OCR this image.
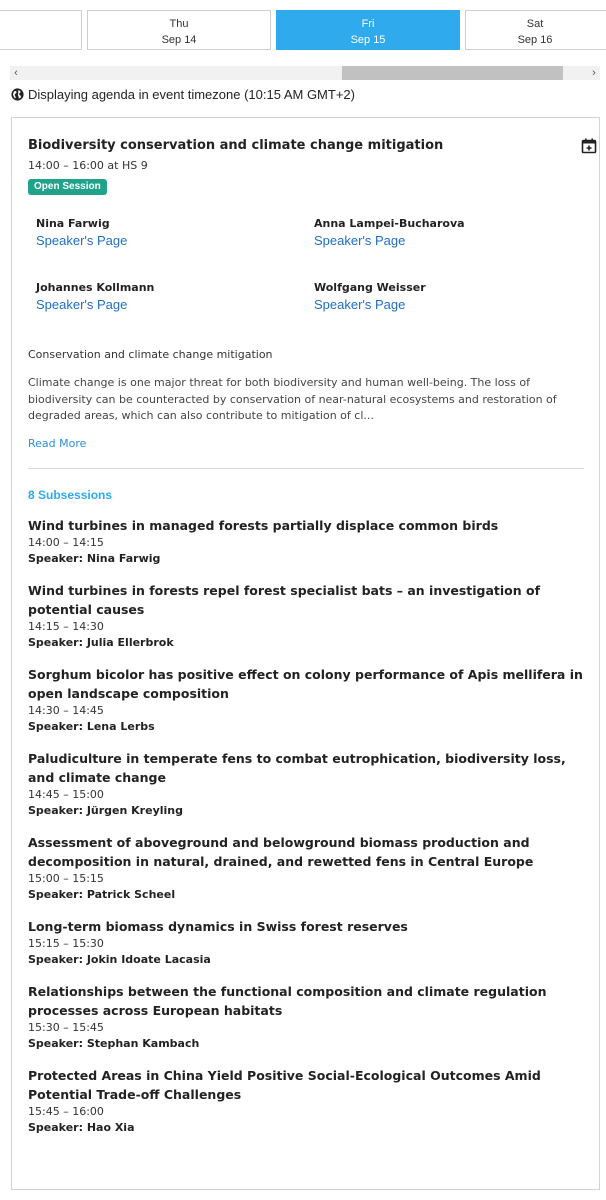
Thu
Sep 14
Fri
Sep 15
Sat
Sep 16
‹	›
Displaying agenda in event timezone (10:15 AM GMT+2)
Biodiversity conservation and climate change mitigation
14:00 – 16:00 at HS 9
Open Session
Nina Farwig
Speaker's Page
Anna Lampei-Bucharova
Speaker's Page
Johannes Kollmann
Speaker's Page
Wolfgang Weisser
Speaker's Page
Conservation and climate change mitigation
Climate change is one major threat for both biodiversity and human well-being. The loss of biodiversity can be counteracted by conservation of near-natural ecosystems and restoration of degraded areas, which can also contribute to mitigation of cl...
Read More
8 Subsessions
Wind turbines in managed forests partially displace common birds
14:00 – 14:15
Speaker: Nina Farwig
Wind turbines in forests repel forest specialist bats – an investigation of potential causes
14:15 – 14:30
Speaker: Julia Ellerbrok
Sorghum bicolor has positive effect on colony performance of Apis mellifera in open landscape composition
14:30 – 14:45
Speaker: Lena Lerbs
Paludiculture in temperate fens to combat eutrophication, biodiversity loss, and climate change
14:45 – 15:00
Speaker: Jürgen Kreyling
Assessment of aboveground and belowground biomass production and decomposition in natural, drained, and rewetted fens in Central Europe
15:00 – 15:15
Speaker: Patrick Scheel
Long-term biomass dynamics in Swiss forest reserves
15:15 – 15:30
Speaker: Jokin Idoate Lacasia
Relationships between the functional composition and climate regulation processes across European habitats
15:30 – 15:45
Speaker: Stephan Kambach
Protected Areas in China Yield Positive Social-Ecological Outcomes Amid Potential Trade-off Challenges
15:45 – 16:00
Speaker: Hao Xia
